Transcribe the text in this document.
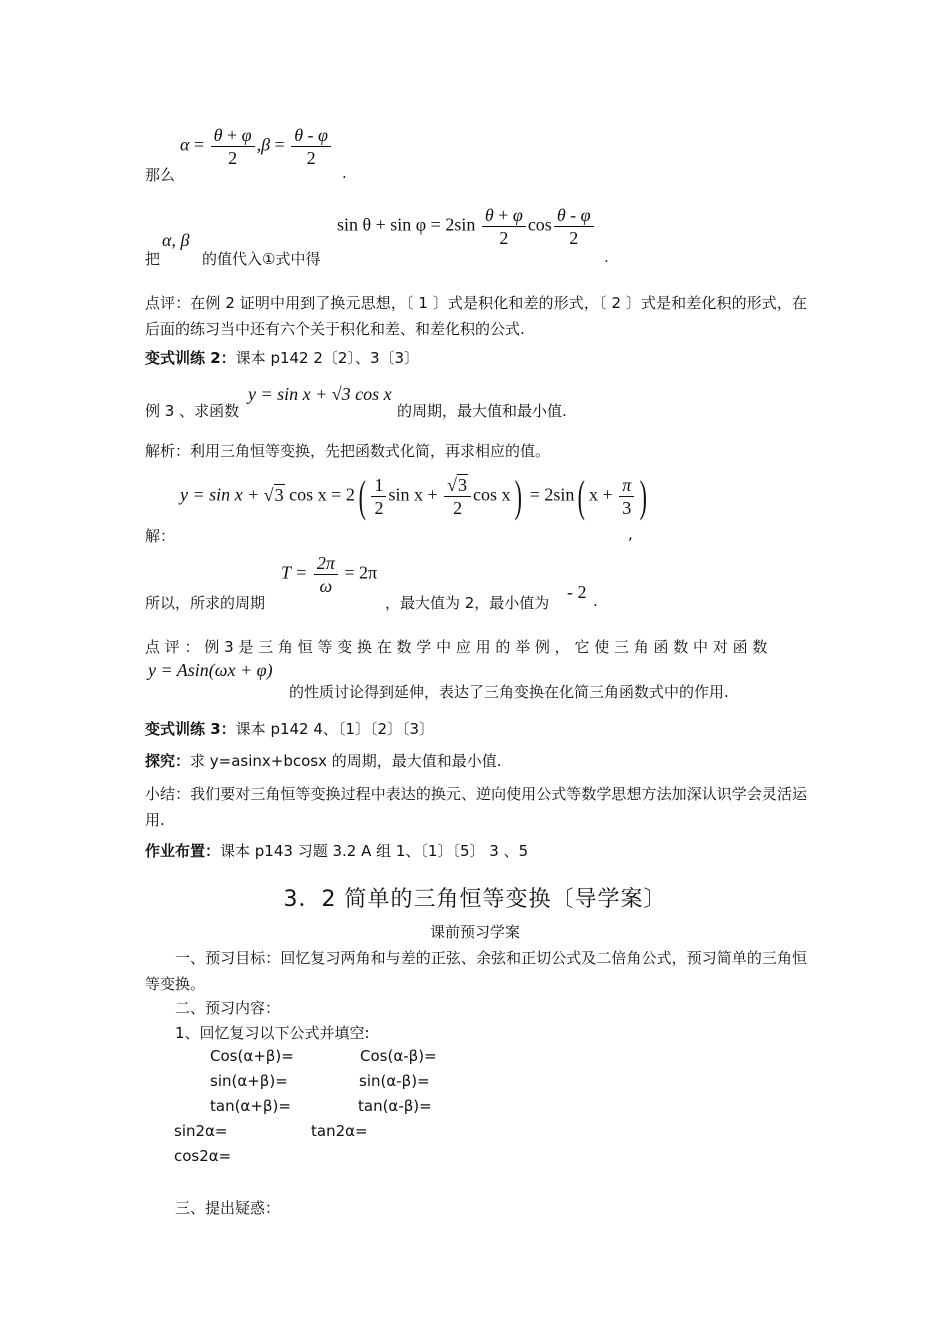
那么
$\alpha = \frac{\theta + \varphi}{2} ,\beta = \frac{\theta - \varphi}{2}$
.
把
α, β
的值代入①式中得
$\sin \theta + \sin \varphi = 2\sin \frac{\theta + \varphi}{2}$ $\cos \frac{\theta - \varphi}{2}$
.
点评：在例 2 证明中用到了换元思想，〔 1 〕式是积化和差的形式，〔 2 〕式是和差化积的形式，在后面的练习当中还有六个关于积化和差、和差化积的公式.
变式训练 2：课本 p142 2〔2〕、3〔3〕
例 3 、求函数
y = sin x + √3 cos x
的周期，最大值和最小值.
解析：利用三角恒等变换，先把函数式化简，再求相应的值。
解：
y = sin x + √3 $\cos x = 2( \frac{1}{2}$ $\sin x + \frac{√3}{2}$ cos x) = 2sin( $x + \frac{\pi}{3}$ )
,
所以，所求的周期
$T = \frac{2\pi}{\omega} = 2\pi$
，最大值为 2，最小值为
- 2 .
点 评 ： 例 3 是 三 角 恒 等 变 换 在 数 学 中 应 用 的 举 例 ， 它 使 三 角 函 数 中 对 函 数
y = Asin(ωx + φ)
的性质讨论得到延伸，表达了三角变换在化简三角函数式中的作用.
变式训练 3：课本 p142 4、〔1〕〔2〕〔3〕
探究：求 y=asinx+bcosx 的周期，最大值和最小值.
小结：我们要对三角恒等变换过程中表达的换元、逆向使用公式等数学思想方法加深认识学会灵活运用.
作业布置：课本 p143 习题 3.2 A 组 1、〔1〕〔5〕 3 、5
3．2 简单的三角恒等变换〔导学案〕
课前预习学案
一、预习目标：回忆复习两角和与差的正弦、余弦和正切公式及二倍角公式，预习简单的三角恒等变换。
二、预习内容：
1、回忆复习以下公式并填空:
Cos(α+β)=	Cos(α-β)=
sin(α+β)=	sin(α-β)=
tan(α+β)=	tan(α-β)=
sin2α=	tan2α=
cos2α=
三、提出疑惑：
